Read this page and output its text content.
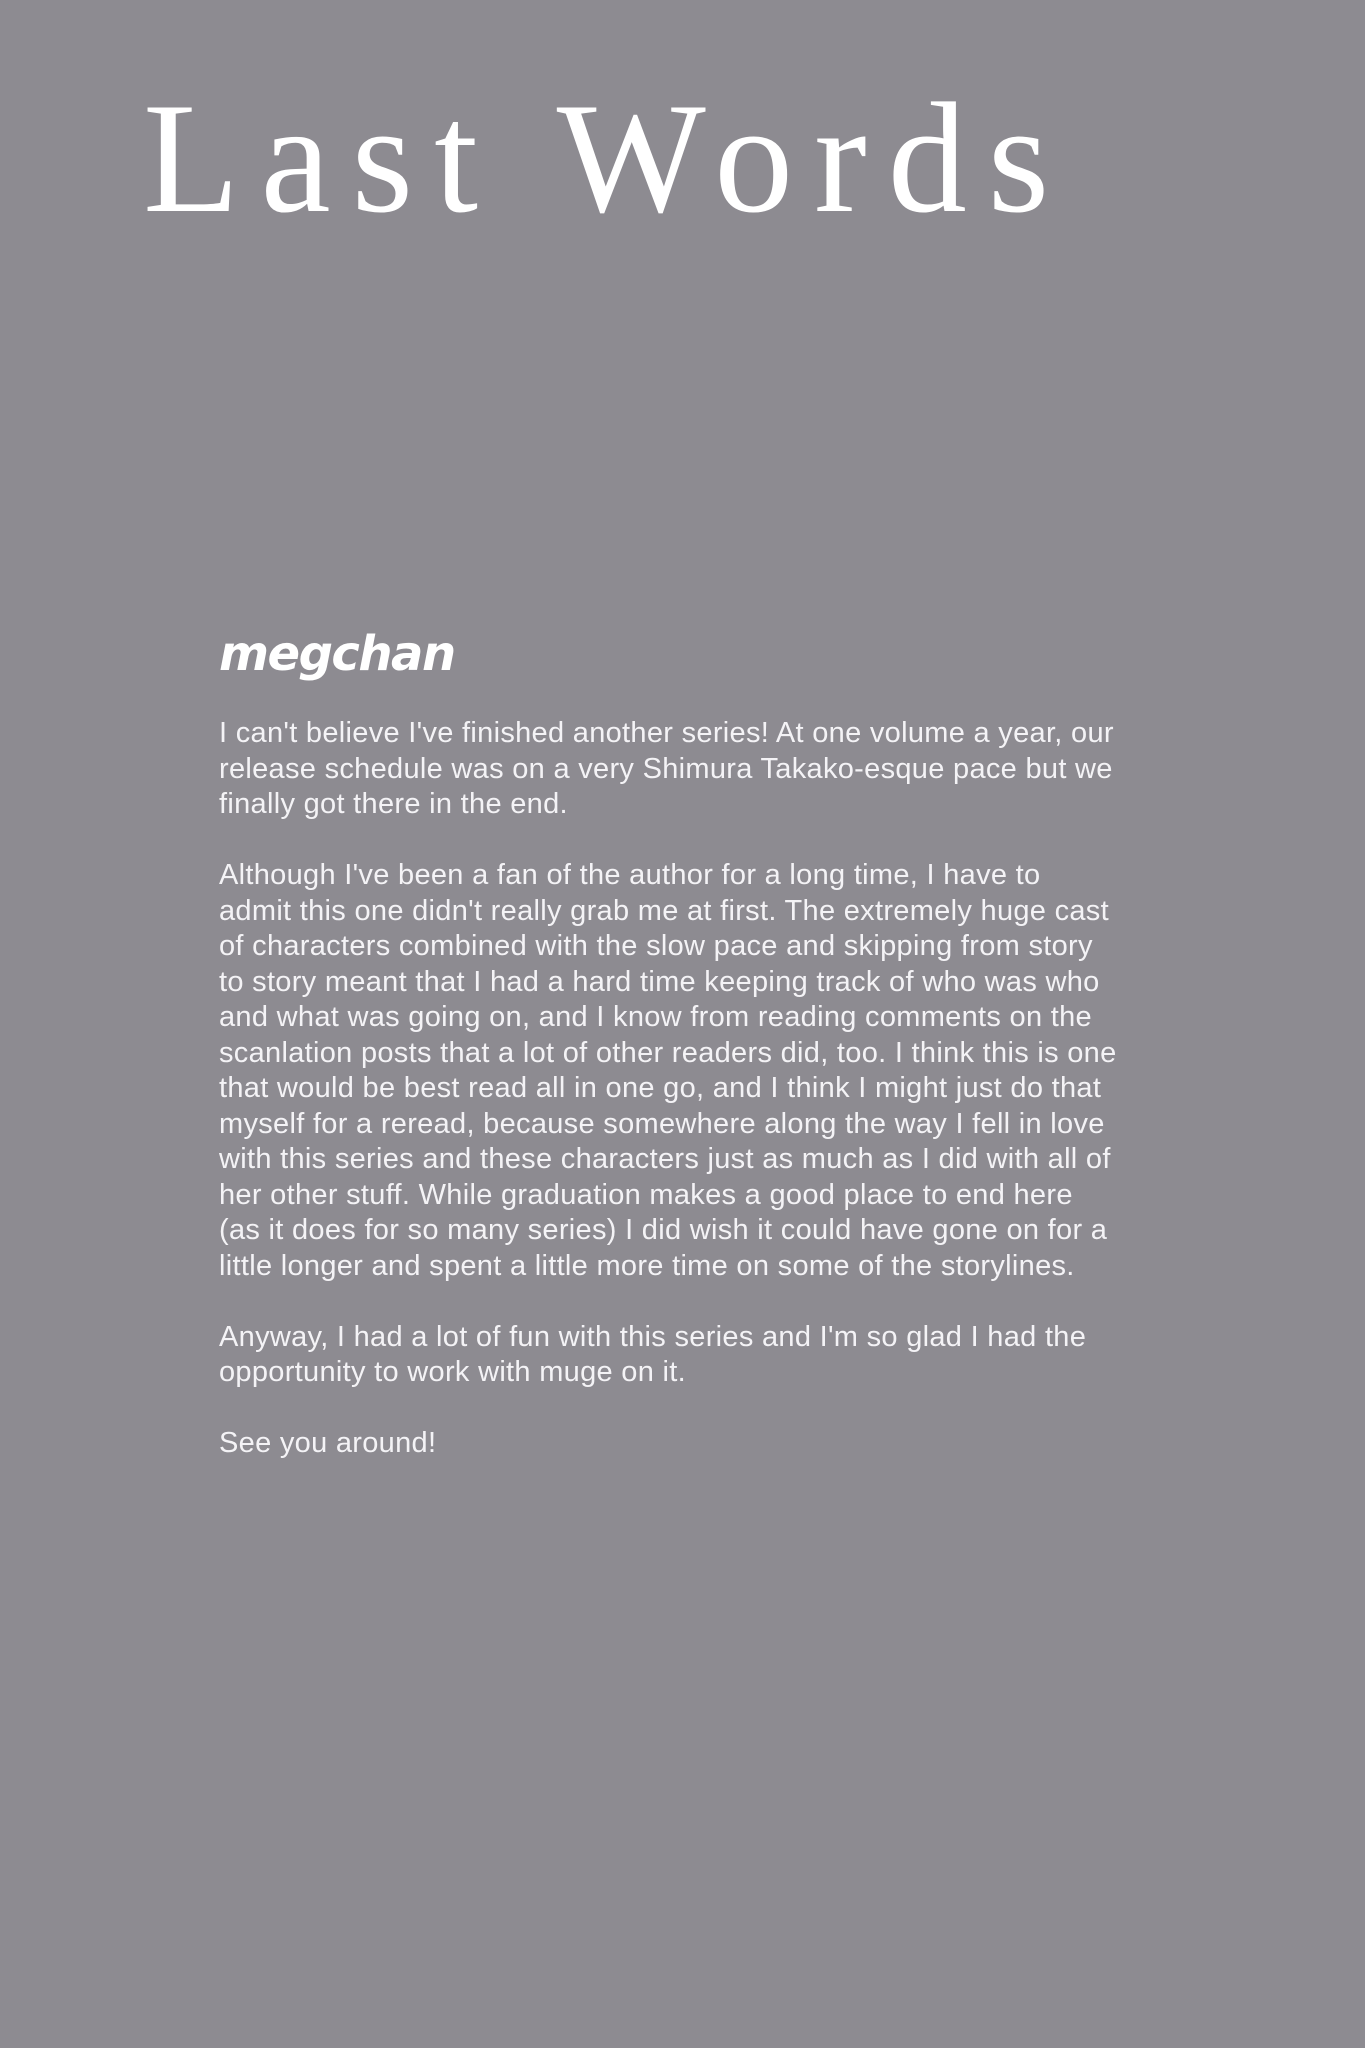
Last Words
megchan

I can't believe I've finished another series! At one volume a year, our release schedule was on a very Shimura Takako-esque pace but we finally got there in the end.

Although I've been a fan of the author for a long time, I have to admit this one didn't really grab me at first. The extremely huge cast of characters combined with the slow pace and skipping from story to story meant that I had a hard time keeping track of who was who and what was going on, and I know from reading comments on the scanlation posts that a lot of other readers did, too. I think this is one that would be best read all in one go, and I think I might just do that myself for a reread, because somewhere along the way I fell in love with this series and these characters just as much as I did with all of her other stuff. While graduation makes a good place to end here (as it does for so many series) I did wish it could have gone on for a little longer and spent a little more time on some of the storylines.

Anyway, I had a lot of fun with this series and I'm so glad I had the opportunity to work with muge on it.

See you around!
